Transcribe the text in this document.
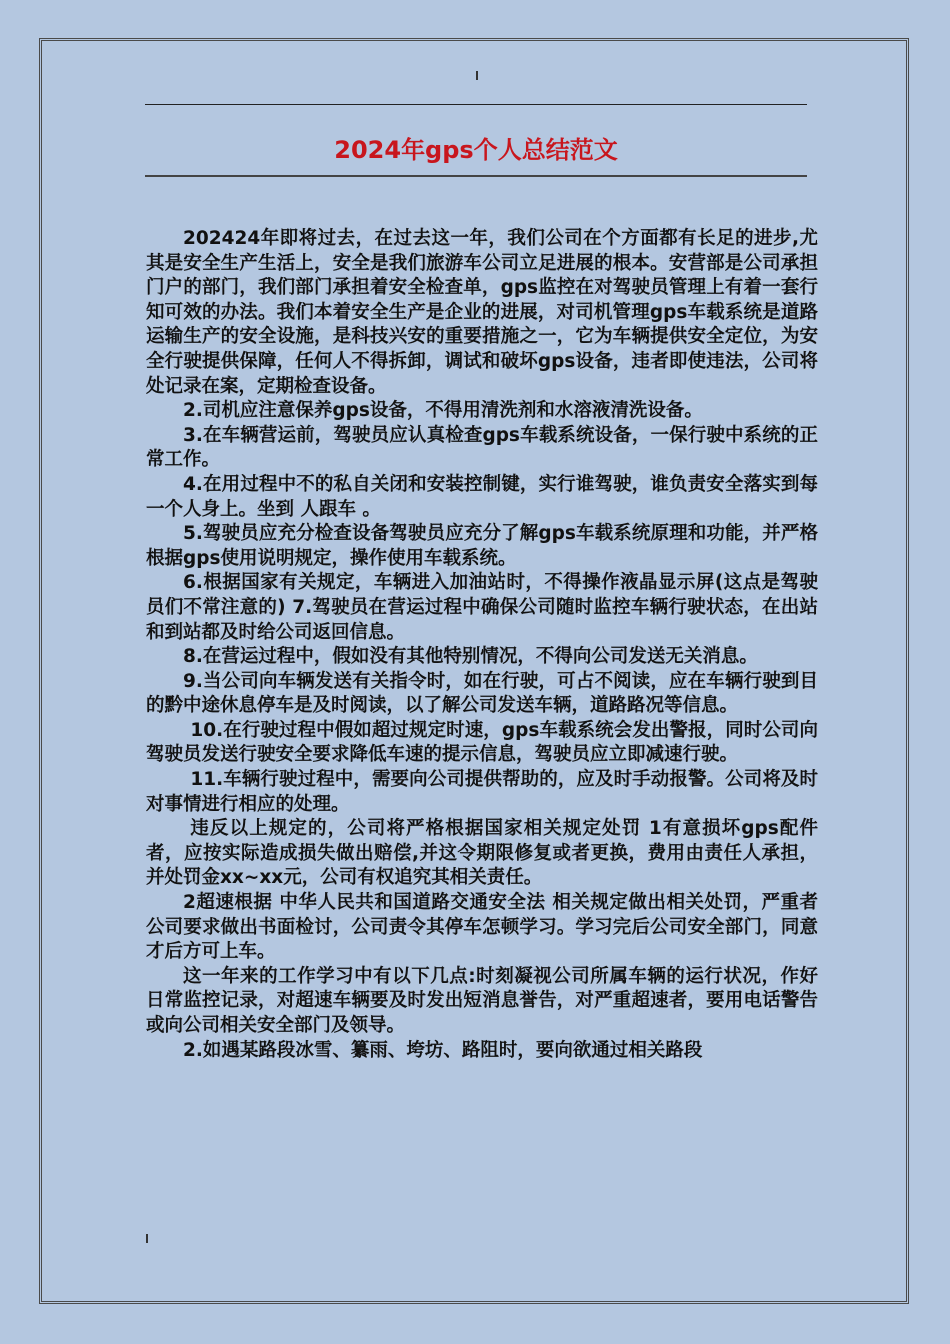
2024年gps个人总结范文

202424年即将过去，在过去这一年，我们公司在个方面都有长足的进步,尤其是安全生产生活上，安全是我们旅游车公司立足进展的根本。安营部是公司承担门户的部门，我们部门承担着安全检查单，gps监控在对驾驶员管理上有着一套行知可效的办法。我们本着安全生产是企业的进展，对司机管理gps车载系统是道路运输生产的安全设施，是科技兴安的重要措施之一，它为车辆提供安全定位，为安全行驶提供保障，任何人不得拆卸，调试和破坏gps设备，违者即使违法，公司将处记录在案，定期检查设备。

2.司机应注意保养gps设备，不得用清洗剂和水溶液清洗设备。

3.在车辆营运前，驾驶员应认真检查gps车载系统设备，一保行驶中系统的正常工作。

4.在用过程中不的私自关闭和安装控制键，实行谁驾驶，谁负责安全落实到每一个人身上。坐到 人跟车 。

5.驾驶员应充分检查设备驾驶员应充分了解gps车载系统原理和功能，并严格根据gps使用说明规定，操作使用车载系统。

6.根据国家有关规定，车辆进入加油站时，不得操作液晶显示屏(这点是驾驶员们不常注意的) 7.驾驶员在营运过程中确保公司随时监控车辆行驶状态，在出站和到站都及时给公司返回信息。

8.在营运过程中，假如没有其他特别情况，不得向公司发送无关消息。

9.当公司向车辆发送有关指令时，如在行驶，可占不阅读，应在车辆行驶到目的黔中途休息停车是及时阅读，以了解公司发送车辆，道路路况等信息。

10.在行驶过程中假如超过规定时速，gps车载系统会发出警报，同时公司向驾驶员发送行驶安全要求降低车速的提示信息，驾驶员应立即减速行驶。

11.车辆行驶过程中，需要向公司提供帮助的，应及时手动报警。公司将及时对事情进行相应的处理。

违反以上规定的，公司将严格根据国家相关规定处罚 1有意损坏gps配件者，应按实际造成损失做出赔偿,并这令期限修复或者更换，费用由责任人承担，并处罚金xx~xx元，公司有权追究其相关责任。

2超速根据 中华人民共和国道路交通安全法 相关规定做出相关处罚，严重者公司要求做出书面检讨，公司责令其停车怎顿学习。学习完后公司安全部门，同意才后方可上车。

这一年来的工作学习中有以下几点:时刻凝视公司所属车辆的运行状况，作好日常监控记录，对超速车辆要及时发出短消息誉告，对严重超速者，要用电话警告或向公司相关安全部门及领导。

2.如遇某路段冰雪、纂雨、垮坊、路阻时，要向欲通过相关路段
